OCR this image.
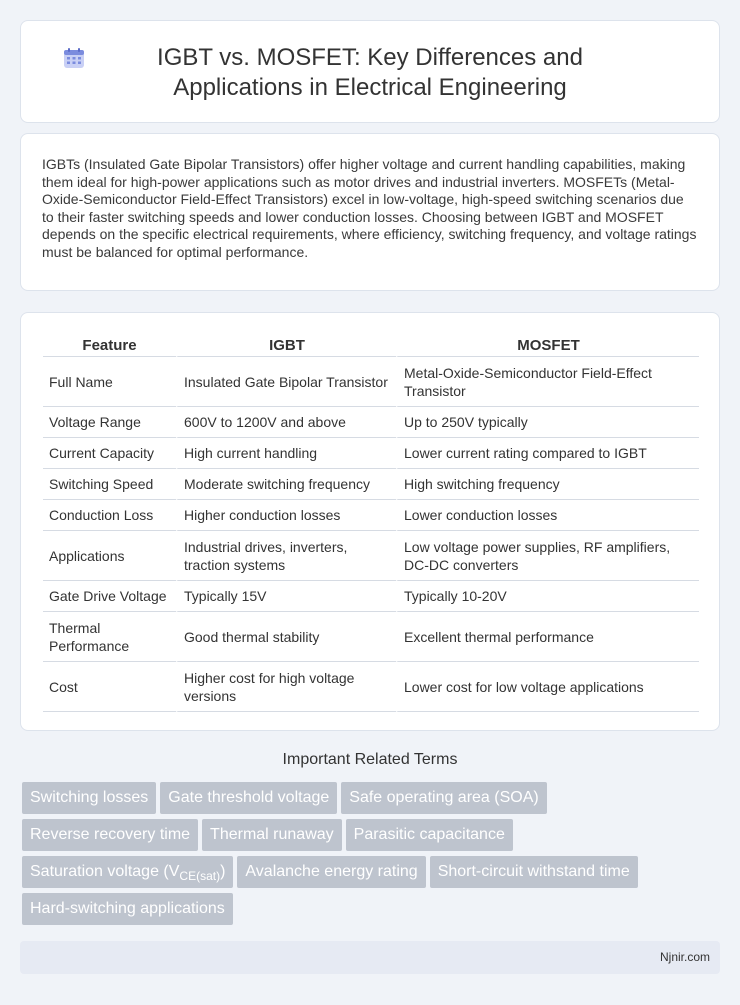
IGBT vs. MOSFET: Key Differences and Applications in Electrical Engineering

IGBTs (Insulated Gate Bipolar Transistors) offer higher voltage and current handling capabilities, making them ideal for high-power applications such as motor drives and industrial inverters. MOSFETs (Metal-Oxide-Semiconductor Field-Effect Transistors) excel in low-voltage, high-speed switching scenarios due to their faster switching speeds and lower conduction losses. Choosing between IGBT and MOSFET depends on the specific electrical requirements, where efficiency, switching frequency, and voltage ratings must be balanced for optimal performance.

Feature	IGBT	MOSFET
Full Name	Insulated Gate Bipolar Transistor	Metal-Oxide-Semiconductor Field-Effect Transistor
Voltage Range	600V to 1200V and above	Up to 250V typically
Current Capacity	High current handling	Lower current rating compared to IGBT
Switching Speed	Moderate switching frequency	High switching frequency
Conduction Loss	Higher conduction losses	Lower conduction losses
Applications	Industrial drives, inverters, traction systems	Low voltage power supplies, RF amplifiers, DC-DC converters
Gate Drive Voltage	Typically 15V	Typically 10-20V
Thermal Performance	Good thermal stability	Excellent thermal performance
Cost	Higher cost for high voltage versions	Lower cost for low voltage applications
Important Related Terms
Switching losses Gate threshold voltage Safe operating area (SOA)
Reverse recovery time Thermal runaway Parasitic capacitance
Saturation voltage $(V_{CE(sat)})$ Avalanche energy rating Short-circuit withstand time
Hard-switching applications
Njnir.com
